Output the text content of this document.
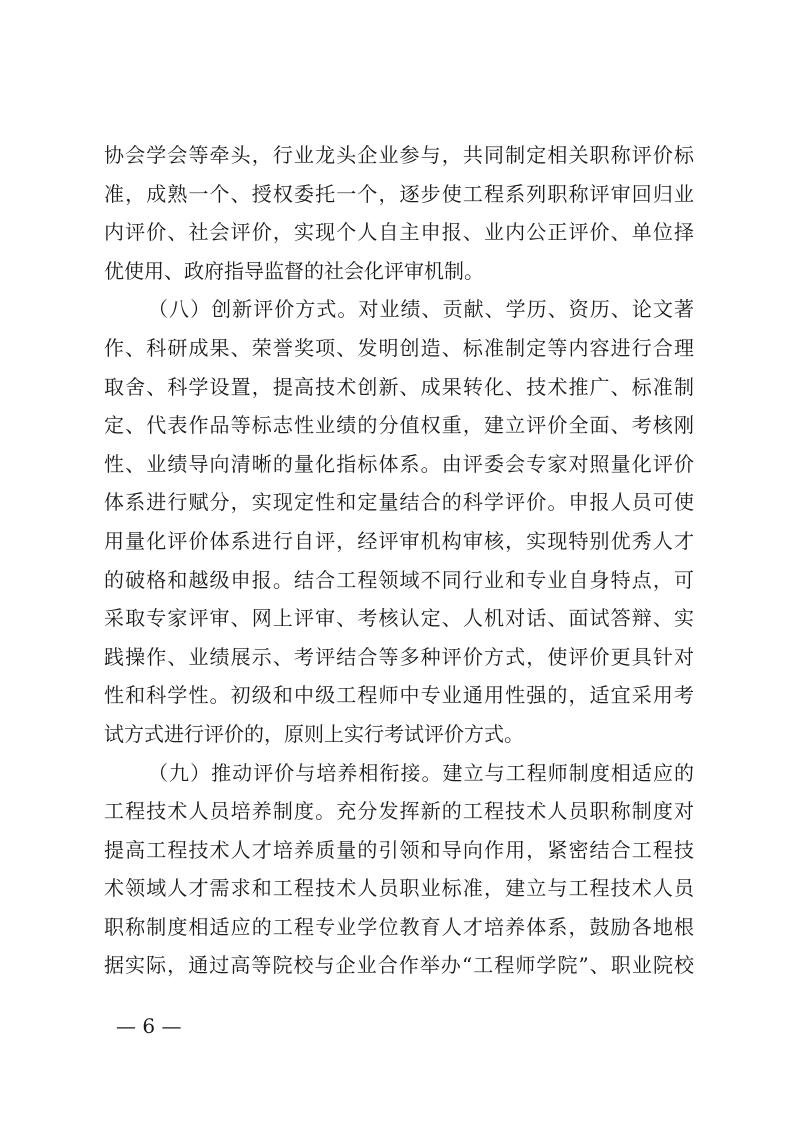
协会学会等牵头，行业龙头企业参与，共同制定相关职称评价标
准，成熟一个、授权委托一个，逐步使工程系列职称评审回归业
内评价、社会评价，实现个人自主申报、业内公正评价、单位择
优使用、政府指导监督的社会化评审机制。
（八）创新评价方式。对业绩、贡献、学历、资历、论文著
作、科研成果、荣誉奖项、发明创造、标准制定等内容进行合理
取舍、科学设置，提高技术创新、成果转化、技术推广、标准制
定、代表作品等标志性业绩的分值权重，建立评价全面、考核刚
性、业绩导向清晰的量化指标体系。由评委会专家对照量化评价
体系进行赋分，实现定性和定量结合的科学评价。申报人员可使
用量化评价体系进行自评，经评审机构审核，实现特别优秀人才
的破格和越级申报。结合工程领域不同行业和专业自身特点，可
采取专家评审、网上评审、考核认定、人机对话、面试答辩、实
践操作、业绩展示、考评结合等多种评价方式，使评价更具针对
性和科学性。初级和中级工程师中专业通用性强的，适宜采用考
试方式进行评价的，原则上实行考试评价方式。
（九）推动评价与培养相衔接。建立与工程师制度相适应的
工程技术人员培养制度。充分发挥新的工程技术人员职称制度对
提高工程技术人才培养质量的引领和导向作用，紧密结合工程技
术领域人才需求和工程技术人员职业标准，建立与工程技术人员
职称制度相适应的工程专业学位教育人才培养体系，鼓励各地根
据实际，通过高等院校与企业合作举办“工程师学院”、职业院校
— 6 —
